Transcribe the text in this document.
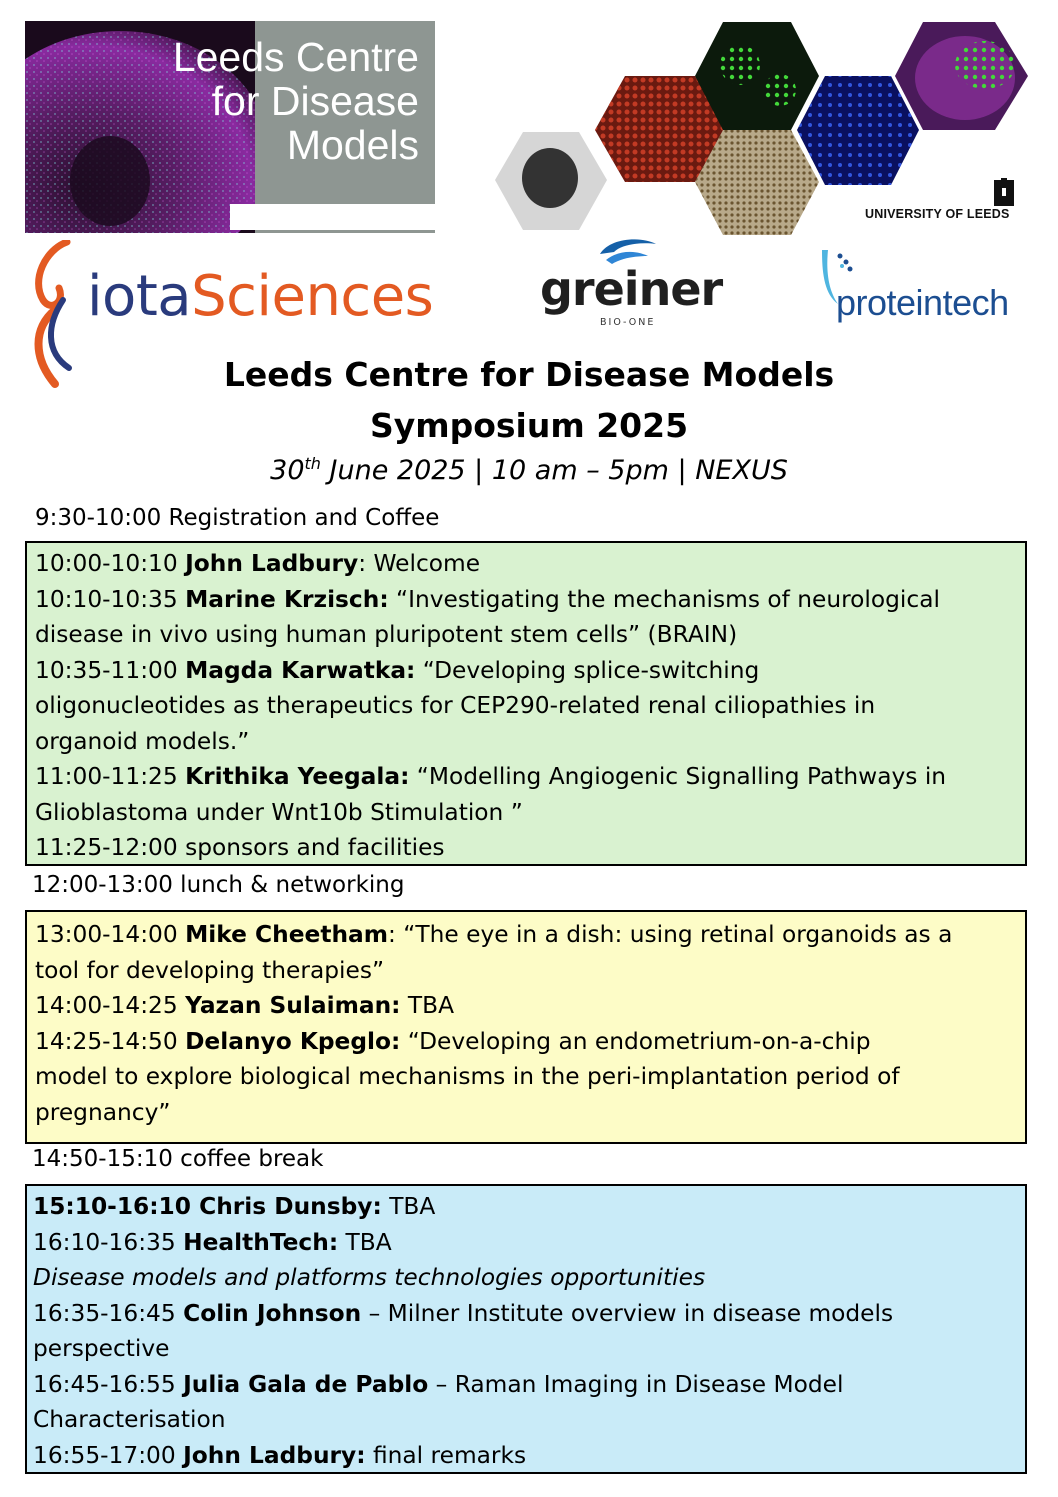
Leeds Centre
for Disease
Models
UNIVERSITY OF LEEDS
iotaSciences greiner
BIO-ONE	proteintech
Leeds Centre for Disease Models
Symposium 2025
30th June 2025 | 10 am – 5pm | NEXUS
9:30-10:00 Registration and Coffee

10:00-10:10 John Ladbury: Welcome

10:10-10:35 Marine Krzisch: “Investigating the mechanisms of neurological

disease in vivo using human pluripotent stem cells” (BRAIN)

10:35-11:00 Magda Karwatka: “Developing splice-switching

oligonucleotides as therapeutics for CEP290-related renal ciliopathies in

organoid models.”

11:00-11:25 Krithika Yeegala: “Modelling Angiogenic Signalling Pathways in

Glioblastoma under Wnt10b Stimulation ”

11:25-12:00 sponsors and facilities

12:00-13:00 lunch & networking

13:00-14:00 Mike Cheetham: “The eye in a dish: using retinal organoids as a

tool for developing therapies”

14:00-14:25 Yazan Sulaiman: TBA

14:25-14:50 Delanyo Kpeglo: “Developing an endometrium-on-a-chip

model to explore biological mechanisms in the peri-implantation period of

pregnancy”

14:50-15:10 coffee break

15:10-16:10 Chris Dunsby: TBA

16:10-16:35 HealthTech: TBA

Disease models and platforms technologies opportunities

16:35-16:45 Colin Johnson – Milner Institute overview in disease models

perspective

16:45-16:55 Julia Gala de Pablo – Raman Imaging in Disease Model

Characterisation

16:55-17:00 John Ladbury: final remarks
